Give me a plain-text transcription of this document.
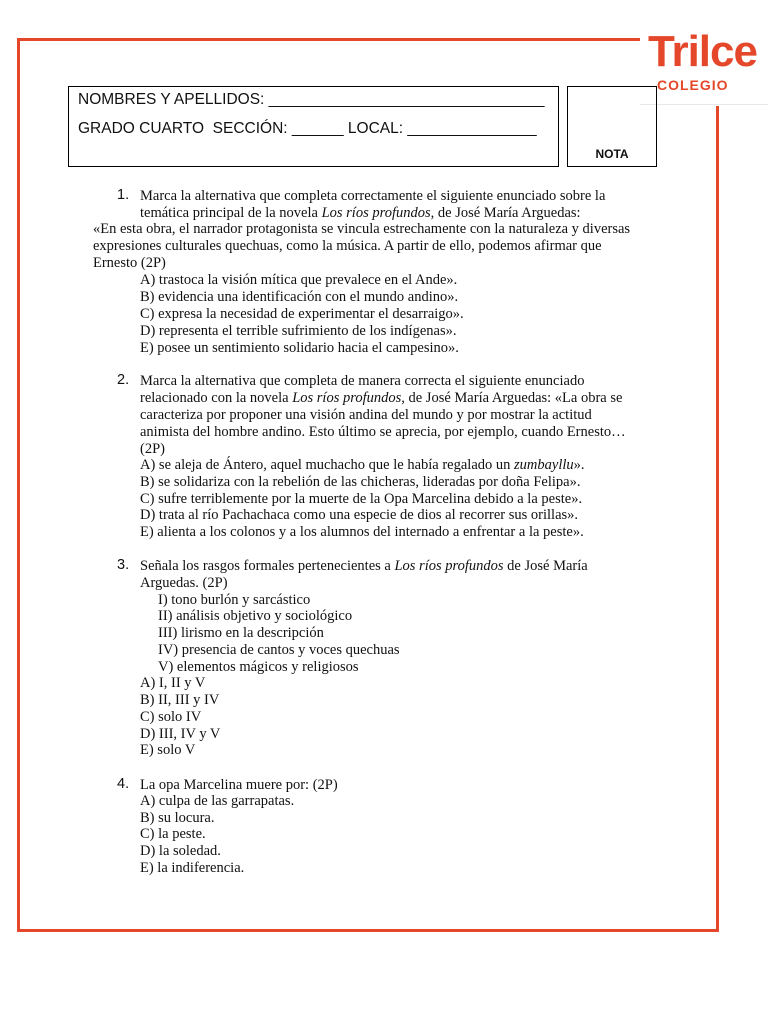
Trilce
COLEGIO
NOMBRES Y APELLIDOS: ________________________________
GRADO CUARTO  SECCIÓN: ______ LOCAL: _______________
NOTA
1. Marca la alternativa que completa correctamente el siguiente enunciado sobre la
temática principal de la novela Los ríos profundos, de José María Arguedas:
«En esta obra, el narrador protagonista se vincula estrechamente con la naturaleza y diversas
expresiones culturales quechuas, como la música. A partir de ello, podemos afirmar que
Ernesto (2P)
A) trastoca la visión mítica que prevalece en el Ande».
B) evidencia una identificación con el mundo andino».
C) expresa la necesidad de experimentar el desarraigo».
D) representa el terrible sufrimiento de los indígenas».
E) posee un sentimiento solidario hacia el campesino».
2. Marca la alternativa que completa de manera correcta el siguiente enunciado
relacionado con la novela Los ríos profundos, de José María Arguedas: «La obra se
caracteriza por proponer una visión andina del mundo y por mostrar la actitud
animista del hombre andino. Esto último se aprecia, por ejemplo, cuando Ernesto…
(2P)
A) se aleja de Ántero, aquel muchacho que le había regalado un zumbayllu».
B) se solidariza con la rebelión de las chicheras, lideradas por doña Felipa».
C) sufre terriblemente por la muerte de la Opa Marcelina debido a la peste».
D) trata al río Pachachaca como una especie de dios al recorrer sus orillas».
E) alienta a los colonos y a los alumnos del internado a enfrentar a la peste».
3. Señala los rasgos formales pertenecientes a Los ríos profundos de José María
Arguedas. (2P)
I) tono burlón y sarcástico
II) análisis objetivo y sociológico
III) lirismo en la descripción
IV) presencia de cantos y voces quechuas
V) elementos mágicos y religiosos
A) I, II y V
B) II, III y IV
C) solo IV
D) III, IV y V
E) solo V
4. La opa Marcelina muere por: (2P)
A) culpa de las garrapatas.
B) su locura.
C) la peste.
D) la soledad.
E) la indiferencia.
